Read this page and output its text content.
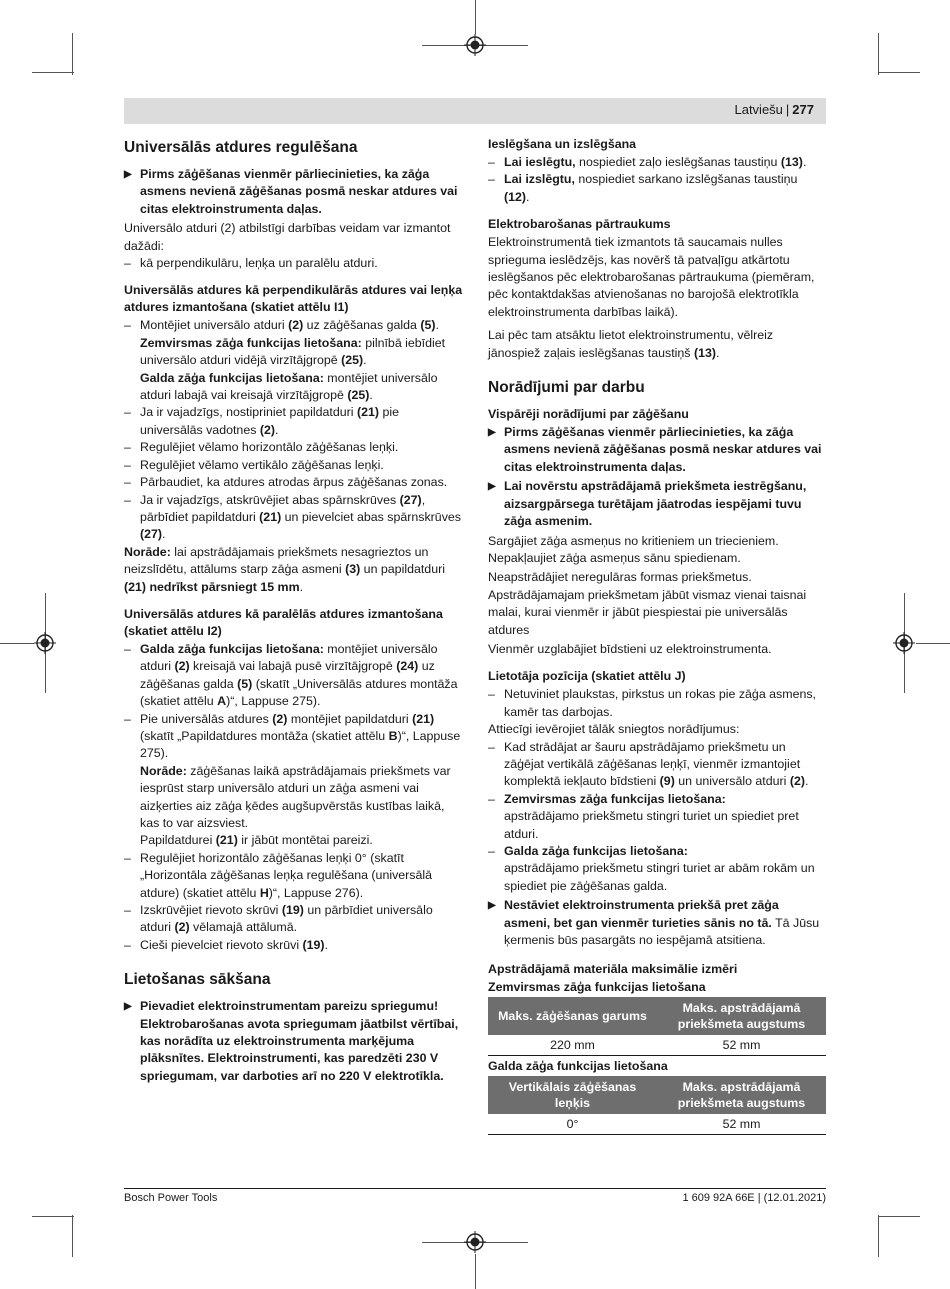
Latviešu | 277
Universālās atdures regulēšana

▶ Pirms zāģēšanas vienmēr pārliecinieties, ka zāģa asmens nevienā zāģēšanas posmā neskar atdures vai citas elektroinstrumenta daļas.

Universālo atduri (2) atbilstīgi darbības veidam var izmantot dažādi:

– kā perpendikulāru, leņķa un paralēlu atduri.

Universālās atdures kā perpendikulārās atdures vai leņķa atdures izmantošana (skatiet attēlu I1)
– Montējiet universālo atduri (2) uz zāģēšanas galda (5).
Zemvirsmas zāģa funkcijas lietošana: pilnībā iebīdiet universālo atduri vidējā virzītājgropē (25).
Galda zāģa funkcijas lietošana: montējiet universālo atduri labajā vai kreisajā virzītājgropē (25).
– Ja ir vajadzīgs, nostipriniet papildatduri (21) pie universālās vadotnes (2).

– Regulējiet vēlamo horizontālo zāģēšanas leņķi.

– Regulējiet vēlamo vertikālo zāģēšanas leņķi.

– Pārbaudiet, ka atdures atrodas ārpus zāģēšanas zonas.

– Ja ir vajadzīgs, atskrūvējiet abas spārnskrūves (27), pārbīdiet papildatduri (21) un pievelciet abas spārnskrūves (27).

Norāde: lai apstrādājamais priekšmets nesagrieztos un neizslīdētu, attālums starp zāģa asmeni (3) un papildatduri (21) nedrīkst pārsniegt 15 mm.

Universālās atdures kā paralēlās atdures izmantošana (skatiet attēlu I2)
– Galda zāģa funkcijas lietošana: montējiet universālo atduri (2) kreisajā vai labajā pusē virzītājgropē (24) uz zāģēšanas galda (5) (skatīt „Universālās atdures montāža (skatiet attēlu A)“, Lappuse 275).
– Pie universālās atdures (2) montējiet papildatduri (21) (skatīt „Papildatdures montāža (skatiet attēlu B)“, Lappuse 275).
Norāde: zāģēšanas laikā apstrādājamais priekšmets var iesprūst starp universālo atduri un zāģa asmeni vai aizķerties aiz zāģa ķēdes augšupvērstās kustības laikā, kas to var aizsviest.
Papildatdurei (21) ir jābūt montētai pareizi.
– Regulējiet horizontālo zāģēšanas leņķi 0° (skatīt „Horizontāla zāģēšanas leņķa regulēšana (universālā atdure) (skatiet attēlu H)“, Lappuse 276).
– Izskrūvējiet rievoto skrūvi (19) un pārbīdiet universālo atduri (2) vēlamajā attālumā.
– Cieši pievelciet rievoto skrūvi (19).
Lietošanas sākšana

▶ Pievadiet elektroinstrumentam pareizu spriegumu! Elektrobarošanas avota spriegumam jāatbilst vērtībai, kas norādīta uz elektroinstrumenta marķējuma plāksnītes. Elektroinstrumenti, kas paredzēti 230 V spriegumam, var darboties arī no 220 V elektrotīkla.

Ieslēgšana un izslēgšana
– Lai ieslēgtu, nospiediet zaļo ieslēgšanas taustiņu (13).
– Lai izslēgtu, nospiediet sarkano izslēgšanas taustiņu (12).
Elektrobarošanas pārtraukums

Elektroinstrumentā tiek izmantots tā saucamais nulles sprieguma ieslēdzējs, kas novērš tā patvaļīgu atkārtotu ieslēgšanos pēc elektrobarošanas pārtraukuma (piemēram, pēc kontaktdakšas atvienošanas no barojošā elektrotīkla elektroinstrumenta darbības laikā).

Lai pēc tam atsāktu lietot elektroinstrumentu, vēlreiz jānospiež zaļais ieslēgšanas taustiņš (13).

Norādījumi par darbu
Vispārēji norādījumi par zāģēšanu

▶ Pirms zāģēšanas vienmēr pārliecinieties, ka zāģa asmens nevienā zāģēšanas posmā neskar atdures vai citas elektroinstrumenta daļas.

▶ Lai novērstu apstrādājamā priekšmeta iestrēgšanu, aizsargpārsega turētājam jāatrodas iespējami tuvu zāģa asmenim.

Sargājiet zāģa asmeņus no kritieniem un triecieniem. Nepakļaujiet zāģa asmeņus sānu spiedienam.

Neapstrādājiet neregulāras formas priekšmetus. Apstrādājamajam priekšmetam jābūt vismaz vienai taisnai malai, kurai vienmēr ir jābūt piespiestai pie universālās atdures

Vienmēr uzglabājiet bīdstieni uz elektroinstrumenta.

Lietotāja pozīcija (skatiet attēlu J)

– Netuviniet plaukstas, pirkstus un rokas pie zāģa asmens, kamēr tas darbojas.

Attiecīgi ievērojiet tālāk sniegtos norādījumus:

– Kad strādājat ar šauru apstrādājamo priekšmetu un zāģējat vertikālā zāģēšanas leņķī, vienmēr izmantojiet komplektā iekļauto bīdstieni (9) un universālo atduri (2).
– Zemvirsmas zāģa funkcijas lietošana:
apstrādājamo priekšmetu stingri turiet un spiediet pret atduri.
– Galda zāģa funkcijas lietošana:
apstrādājamo priekšmetu stingri turiet ar abām rokām un spiediet pie zāģēšanas galda.

▶ Nestāviet elektroinstrumenta priekšā pret zāģa asmeni, bet gan vienmēr turieties sānis no tā. Tā Jūsu ķermenis būs pasargāts no iespējamā atsitiena.

Apstrādājamā materiāla maksimālie izmēri
Zemvirsmas zāģa funkcijas lietošana
Maks. zāģēšanas garums	Maks. apstrādājamā priekšmeta augstums
220 mm	52 mm
Galda zāģa funkcijas lietošana
Vertikālais zāģēšanas leņķis	Maks. apstrādājamā priekšmeta augstums
0°	52 mm
Bosch Power Tools	1 609 92A 66E | (12.01.2021)
